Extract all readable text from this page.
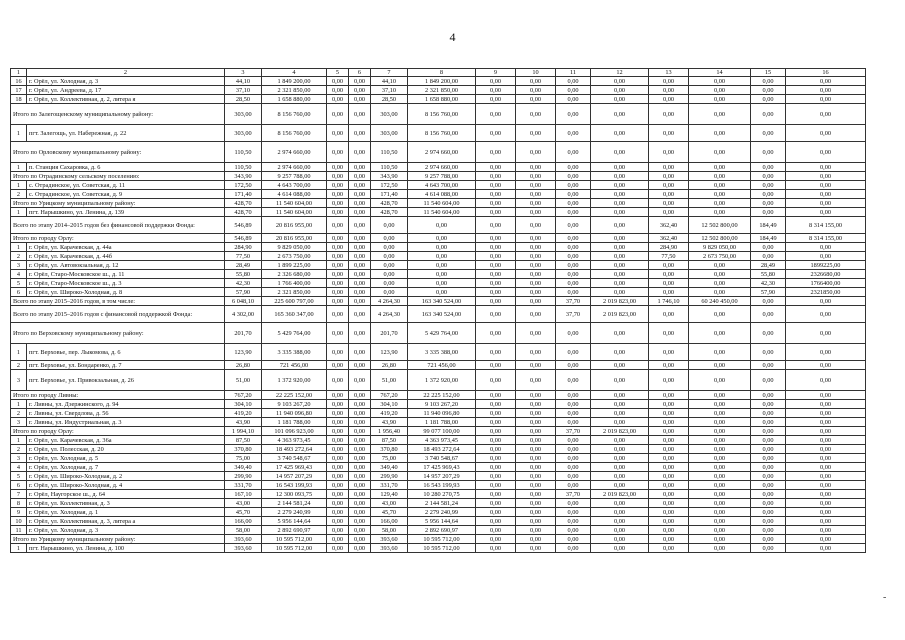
4
1	2	3	4	5	6	7	8	9	10	11	12	13	14	15	16
16	г. Орёл, ул. Холодная, д. 3	44,10	1 849 200,00	0,00	0,00	44,10	1 849 200,00	0,00	0,00	0,00	0,00	0,00	0,00	0,00	0,00
17	г. Орёл, ул. Андреева, д. 17	37,10	2 321 850,00	0,00	0,00	37,10	2 321 850,00	0,00	0,00	0,00	0,00	0,00	0,00	0,00	0,00
18	г. Орёл, ул. Коллективная, д. 2, литера я	28,50	1 658 880,00	0,00	0,00	28,50	1 658 880,00	0,00	0,00	0,00	0,00	0,00	0,00	0,00	0,00
Итого по Залегощенскому муниципальному району:		303,00	8 156 760,00	0,00	0,00	303,00	8 156 760,00	0,00	0,00	0,00	0,00	0,00	0,00	0,00	0,00
1	пгт. Залегощь, ул. Набережная, д. 22	303,00	8 156 760,00	0,00	0,00	303,00	8 156 760,00	0,00	0,00	0,00	0,00	0,00	0,00	0,00	0,00
Итого по Орловскому муниципальному району:		110,50	2 974 660,00	0,00	0,00	110,50	2 974 660,00	0,00	0,00	0,00	0,00	0,00	0,00	0,00	0,00
1	п. Станция Сахаровка, д. 6	110,50	2 974 660,00	0,00	0,00	110,50	2 974 660,00	0,00	0,00	0,00	0,00	0,00	0,00	0,00	0,00
Итого по Отрадинскому сельскому поселению:		343,90	9 257 788,00	0,00	0,00	343,90	9 257 788,00	0,00	0,00	0,00	0,00	0,00	0,00	0,00	0,00
1	с. Отрадинское, ул. Советская, д. 11	172,50	4 643 700,00	0,00	0,00	172,50	4 643 700,00	0,00	0,00	0,00	0,00	0,00	0,00	0,00	0,00
2	с. Отрадинское, ул. Советская, д. 9	171,40	4 614 088,00	0,00	0,00	171,40	4 614 088,00	0,00	0,00	0,00	0,00	0,00	0,00	0,00	0,00
Итого по Урицкому муниципальному району:		428,70	11 540 604,00	0,00	0,00	428,70	11 540 604,00	0,00	0,00	0,00	0,00	0,00	0,00	0,00	0,00
1	пгт. Нарышкино, ул. Ленина, д. 139	428,70	11 540 604,00	0,00	0,00	428,70	11 540 604,00	0,00	0,00	0,00	0,00	0,00	0,00	0,00	0,00
Всего по этапу 2014–2015 годов без финансовой поддержки Фонда:		546,89	20 816 955,00	0,00	0,00	0,00	0,00	0,00	0,00	0,00	0,00	362,40	12 502 800,00	184,49	8 314 155,00
Итого по городу Орлу:		546,89	20 816 955,00	0,00	0,00	0,00	0,00	0,00	0,00	0,00	0,00	362,40	12 502 800,00	184,49	8 314 155,00
1	г. Орёл, ул. Карачевская, д. 44а	284,90	9 829 050,00	0,00	0,00	0,00	0,00	0,00	0,00	0,00	0,00	284,90	9 829 050,00	0,00	0,00
2	г. Орёл, ул. Карачевская, д. 44б	77,50	2 673 750,00	0,00	0,00	0,00	0,00	0,00	0,00	0,00	0,00	77,50	2 673 750,00	0,00	0,00
3	г. Орёл, ул. Автовокзальная, д. 12	28,49	1 899 225,00	0,00	0,00	0,00	0,00	0,00	0,00	0,00	0,00	0,00	0,00	28,49	1899225,00
4	г. Орёл, Старо-Московское ш., д. 11	55,80	2 326 680,00	0,00	0,00	0,00	0,00	0,00	0,00	0,00	0,00	0,00	0,00	55,80	2326680,00
5	г. Орёл, Старо-Московское ш., д. 3	42,30	1 766 400,00	0,00	0,00	0,00	0,00	0,00	0,00	0,00	0,00	0,00	0,00	42,30	1766400,00
6	г. Орёл, ул. Широко-Холодная, д. 8	57,90	2 321 850,00	0,00	0,00	0,00	0,00	0,00	0,00	0,00	0,00	0,00	0,00	57,90	2321850,00
Всего по этапу 2015–2016 годов, в том числе:		6 048,10	225 600 797,00	0,00	0,00	4 264,30	163 340 524,00	0,00	0,00	37,70	2 019 823,00	1 746,10	60 240 450,00	0,00	0,00
Всего по этапу 2015–2016 годов с финансовой поддержкой Фонда:		4 302,00	165 360 347,00	0,00	0,00	4 264,30	163 340 524,00	0,00	0,00	37,70	2 019 823,00	0,00	0,00	0,00	0,00
Итого по Верховскому муниципальному району:		201,70	5 429 764,00	0,00	0,00	201,70	5 429 764,00	0,00	0,00	0,00	0,00	0,00	0,00	0,00	0,00
1	пгт. Верховье, пер. Лыкомова, д. 6	123,90	3 335 388,00	0,00	0,00	123,90	3 335 388,00	0,00	0,00	0,00	0,00	0,00	0,00	0,00	0,00
2	пгт. Верховье, ул. Бондаренко, д. 7	26,80	721 456,00	0,00	0,00	26,80	721 456,00	0,00	0,00	0,00	0,00	0,00	0,00	0,00	0,00
3	пгт. Верховье, ул. Привокзальная, д. 26	51,00	1 372 920,00	0,00	0,00	51,00	1 372 920,00	0,00	0,00	0,00	0,00	0,00	0,00	0,00	0,00
Итого по городу Ливны:		767,20	22 225 152,00	0,00	0,00	767,20	22 225 152,00	0,00	0,00	0,00	0,00	0,00	0,00	0,00	0,00
1	г. Ливны, ул. Дзержинского, д. 94	304,10	9 103 267,20	0,00	0,00	304,10	9 103 267,20	0,00	0,00	0,00	0,00	0,00	0,00	0,00	0,00
2	г. Ливны, ул. Свердлова, д. 56	419,20	11 940 096,80	0,00	0,00	419,20	11 940 096,80	0,00	0,00	0,00	0,00	0,00	0,00	0,00	0,00
3	г. Ливны, ул. Индустриальная, д. 3	43,90	1 181 788,00	0,00	0,00	43,90	1 181 788,00	0,00	0,00	0,00	0,00	0,00	0,00	0,00	0,00
Итого по городу Орлу:		1 994,10	101 096 923,00	0,00	0,00	1 956,40	99 077 100,00	0,00	0,00	37,70	2 019 823,00	0,00	0,00	0,00	0,00
1	г. Орёл, ул. Карачевская, д. 36а	87,50	4 363 973,45	0,00	0,00	87,50	4 363 973,45	0,00	0,00	0,00	0,00	0,00	0,00	0,00	0,00
2	г. Орёл, ул. Полесская, д. 20	370,80	18 493 272,64	0,00	0,00	370,80	18 493 272,64	0,00	0,00	0,00	0,00	0,00	0,00	0,00	0,00
3	г. Орёл, ул. Холодная, д. 5	75,00	3 740 548,67	0,00	0,00	75,00	3 740 548,67	0,00	0,00	0,00	0,00	0,00	0,00	0,00	0,00
4	г. Орёл, ул. Холодная, д. 7	349,40	17 425 969,43	0,00	0,00	349,40	17 425 969,43	0,00	0,00	0,00	0,00	0,00	0,00	0,00	0,00
5	г. Орёл, ул. Широко-Холодная, д. 2	299,90	14 957 207,29	0,00	0,00	299,90	14 957 207,29	0,00	0,00	0,00	0,00	0,00	0,00	0,00	0,00
6	г. Орёл, ул. Широко-Холодная, д. 4	331,70	16 543 199,93	0,00	0,00	331,70	16 543 199,93	0,00	0,00	0,00	0,00	0,00	0,00	0,00	0,00
7	г. Орёл, Наугорское ш., д. 64	167,10	12 300 093,75	0,00	0,00	129,40	10 280 270,75	0,00	0,00	37,70	2 019 823,00	0,00	0,00	0,00	0,00
8	г. Орёл, ул. Коллективная, д. 3	43,00	2 144 581,24	0,00	0,00	43,00	2 144 581,24	0,00	0,00	0,00	0,00	0,00	0,00	0,00	0,00
9	г. Орёл, ул. Холодная, д. 1	45,70	2 279 240,99	0,00	0,00	45,70	2 279 240,99	0,00	0,00	0,00	0,00	0,00	0,00	0,00	0,00
10	г. Орёл, ул. Коллективная, д. 3, литера а	166,00	5 956 144,64	0,00	0,00	166,00	5 956 144,64	0,00	0,00	0,00	0,00	0,00	0,00	0,00	0,00
11	г. Орёл, ул. Холодная, д. 3	58,00	2 892 690,97	0,00	0,00	58,00	2 892 690,97	0,00	0,00	0,00	0,00	0,00	0,00	0,00	0,00
Итого по Урицкому муниципальному району:		393,60	10 595 712,00	0,00	0,00	393,60	10 595 712,00	0,00	0,00	0,00	0,00	0,00	0,00	0,00	0,00
1	пгт. Нарышкино, ул. Ленина, д. 100	393,60	10 595 712,00	0,00	0,00	393,60	10 595 712,00	0,00	0,00	0,00	0,00	0,00	0,00	0,00	0,00
-
